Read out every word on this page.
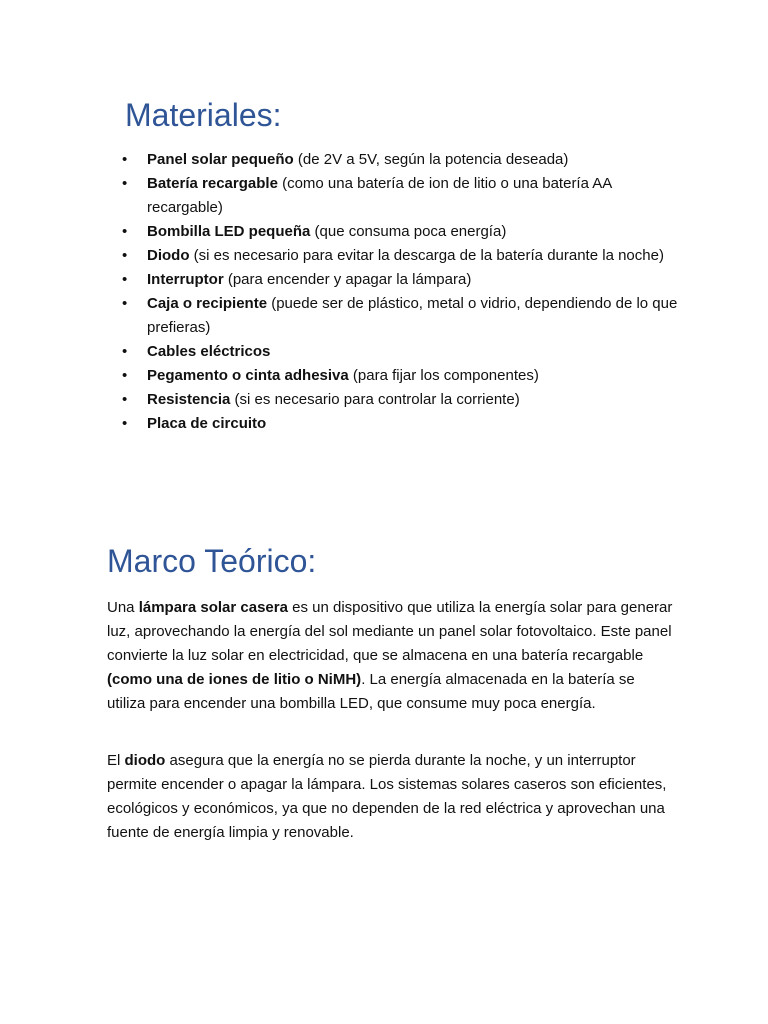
Materiales:
• Panel solar pequeño (de 2V a 5V, según la potencia deseada)
• Batería recargable (como una batería de ion de litio o una batería AA recargable)
• Bombilla LED pequeña (que consuma poca energía)
• Diodo (si es necesario para evitar la descarga de la batería durante la noche)
• Interruptor (para encender y apagar la lámpara)
• Caja o recipiente (puede ser de plástico, metal o vidrio, dependiendo de lo que prefieras)
• Cables eléctricos
• Pegamento o cinta adhesiva (para fijar los componentes)
• Resistencia (si es necesario para controlar la corriente)
• Placa de circuito
Marco Teórico:

Una lámpara solar casera es un dispositivo que utiliza la energía solar para generar luz, aprovechando la energía del sol mediante un panel solar fotovoltaico. Este panel convierte la luz solar en electricidad, que se almacena en una batería recargable (como una de iones de litio o NiMH). La energía almacenada en la batería se utiliza para encender una bombilla LED, que consume muy poca energía.

El diodo asegura que la energía no se pierda durante la noche, y un interruptor permite encender o apagar la lámpara. Los sistemas solares caseros son eficientes, ecológicos y económicos, ya que no dependen de la red eléctrica y aprovechan una fuente de energía limpia y renovable.
